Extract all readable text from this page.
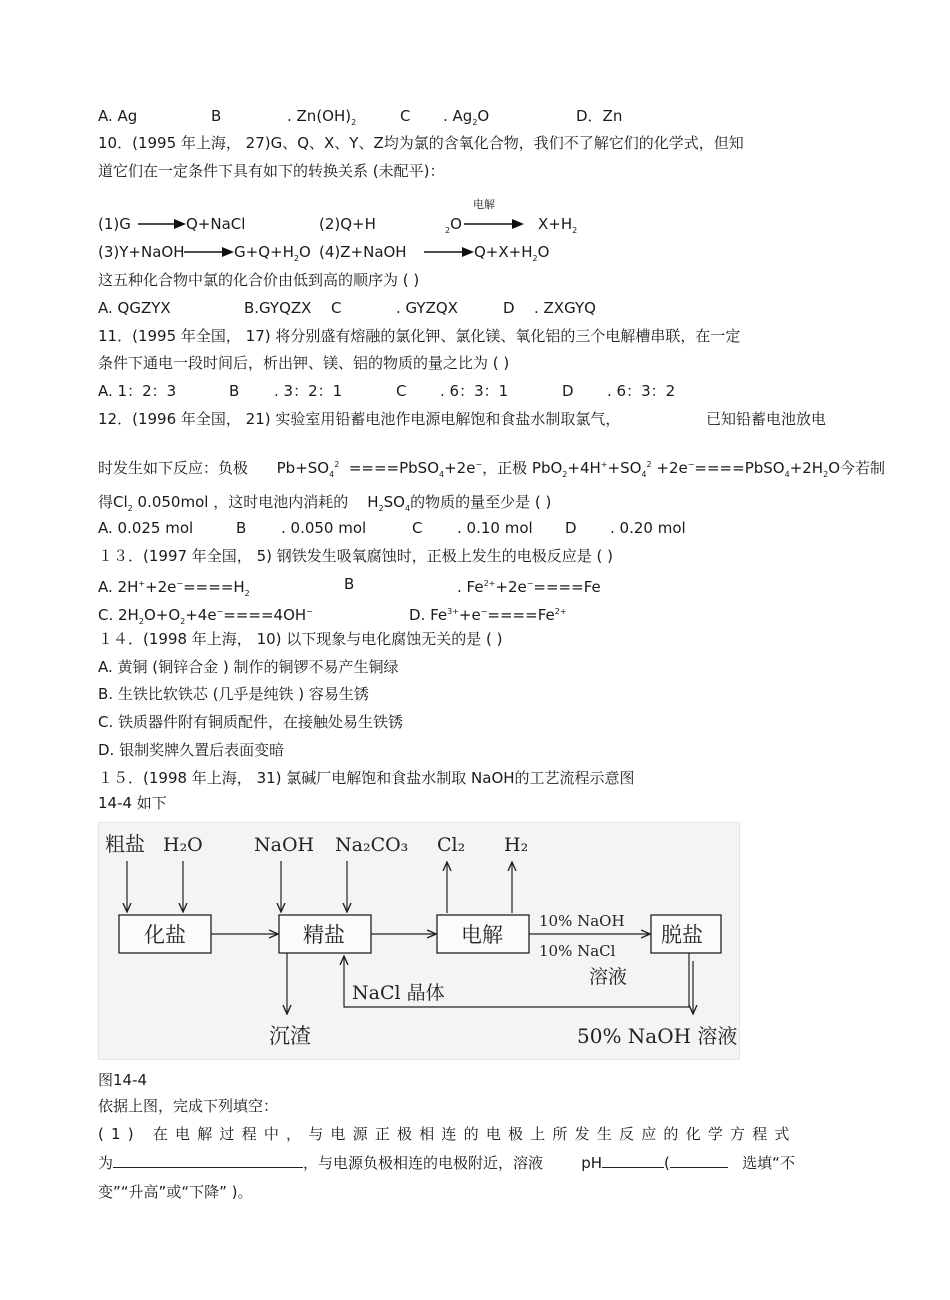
A. Ag	B	. $Zn(OH)_2$	C . $Ag_2O$	D．Zn
10．(1995 年上海， 27)G、Q、X、Y、Z均为氯的含氧化合物，我们不了解它们的化学式，但知
道它们在一定条件下具有如下的转换关系 (未配平)：
电解
(1)G → Q+NaCl	(2)Q+H	$_2O \to X+H_2$
(3)Y+NaOH → $G+Q+H_2O$ (4)Z+NaOH → $Q+X+H_2O$
这五种化合物中氯的化合价由低到高的顺序为 ( )
A. QGZYX	B.GYQZX C	. GYZQX	D . ZXGYQ
11．(1995 年全国， 17) 将分别盛有熔融的氯化钾、氯化镁、氧化铝的三个电解槽串联，在一定
条件下通电一段时间后，析出钾、镁、铝的物质的量之比为 ( )
A. 1：2：3	B . 3：2：1	C . 6：3：1	D . 6：3：2
12．(1996 年全国， 21) 实验室用铅蓄电池作电源电解饱和食盐水制取氯气，	已知铅蓄电池放电
时发生如下反应：负极 $Pb+SO_4^2$ ====PbSO$_4$+2e−，正极 $PbO_2+4H^++SO_4^2$ $+2e^-====PbSO_4+2H_2O$今若制
得$Cl_2$ 0.050mol ，这时电池内消耗的 $H_2SO_4$的物质的量至少是 ( )
A. 0.025 mol	B . 0.050 mol	C . 0.10 mol D . 0.20 mol
１３．(1997 年全国， 5) 钢铁发生吸氧腐蚀时，正极上发生的电极反应是 ( )
A. $2H^++2e^-====H_2$
B	. $Fe^{2+}+2e^-====Fe$
C. $2H_2O+O_2+4e^-====4OH^-$	D. $Fe^{3+}+e^-====Fe^{2+}$
１４．(1998 年上海， 10) 以下现象与电化腐蚀无关的是 ( )
A. 黄铜 (铜锌合金 ) 制作的铜锣不易产生铜绿
B. 生铁比软铁芯 (几乎是纯铁 ) 容易生锈
C. 铁质器件附有铜质配件，在接触处易生铁锈
D. 银制奖牌久置后表面变暗
１５．(1998 年上海， 31) 氯碱厂电解饱和食盐水制取 NaOH的工艺流程示意图
14-4 如下
粗盐 H₂O	NaOH Na₂CO₃ Cl₂ H₂
化盐	精盐	电解	脱盐
10% NaOH
10% NaCl
溶液
沉渣
NaCl 晶体
50% NaOH 溶液
图14-4
依据上图，完成下列填空：
(1) 在电解过程中，与电源正极相连的电极上所发生反应的化学方程式
为	，与电源负极相连的电极附近，溶液	pH	(	选填“不
变”“升高”或“下降” )。
